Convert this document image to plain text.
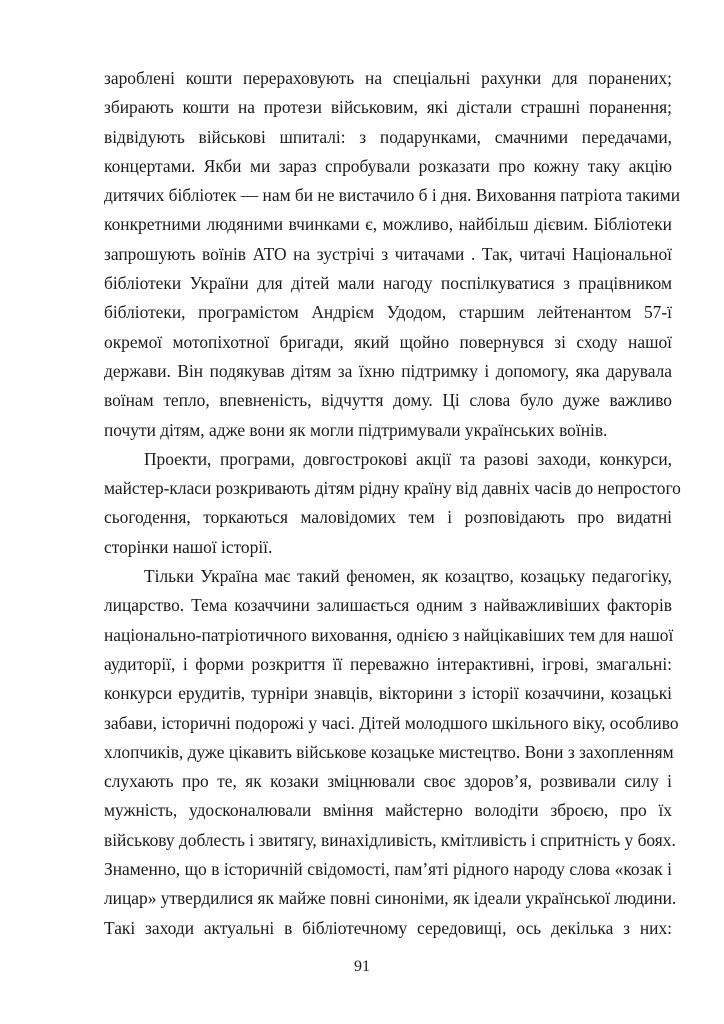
зароблені кошти перераховують на спеціальні рахунки для поранених;
збирають кошти на протези військовим, які дістали страшні поранення;
відвідують військові шпиталі: з подарунками, смачними передачами,
концертами. Якби ми зараз спробували розказати про кожну таку акцію
дитячих бібліотек — нам би не вистачило б і дня. Виховання патріота такими
конкретними людяними вчинками є, можливо, найбільш дієвим. Бібліотеки
запрошують воїнів АТО на зустрічі з читачами . Так, читачі Національної
бібліотеки України для дітей мали нагоду поспілкуватися з працівником
бібліотеки, програмістом Андрієм Удодом, старшим лейтенантом 57-ї
окремої мотопіхотної бригади, який щойно повернувся зі сходу нашої
держави. Він подякував дітям за їхню підтримку і допомогу, яка дарувала
воїнам тепло, впевненість, відчуття дому. Ці слова було дуже важливо
почути дітям, адже вони як могли підтримували українських воїнів.
Проекти, програми, довгострокові акції та разові заходи, конкурси,
майстер-класи розкривають дітям рідну країну від давніх часів до непростого
сьогодення, торкаються маловідомих тем і розповідають про видатні
сторінки нашої історії.
Тільки Україна має такий феномен, як козацтво, козацьку педагогіку,
лицарство. Тема козаччини залишається одним з найважливіших факторів
національно-патріотичного виховання, однією з найцікавіших тем для нашої
аудиторії, і форми розкриття її переважно інтерактивні, ігрові, змагальні:
конкурси ерудитів, турніри знавців, вікторини з історії козаччини, козацькі
забави, історичні подорожі у часі. Дітей молодшого шкільного віку, особливо
хлопчиків, дуже цікавить військове козацьке мистецтво. Вони з захопленням
слухають про те, як козаки зміцнювали своє здоров’я, розвивали силу і
мужність, удосконалювали вміння майстерно володіти зброєю, про їх
військову доблесть і звитягу, винахідливість, кмітливість і спритність у боях.
Знаменно, що в історичній свідомості, пам’яті рідного народу слова «козак і
лицар» утвердилися як майже повні синоніми, як ідеали української людини.
Такі заходи актуальні в бібліотечному середовищі, ось декілька з них:
91
